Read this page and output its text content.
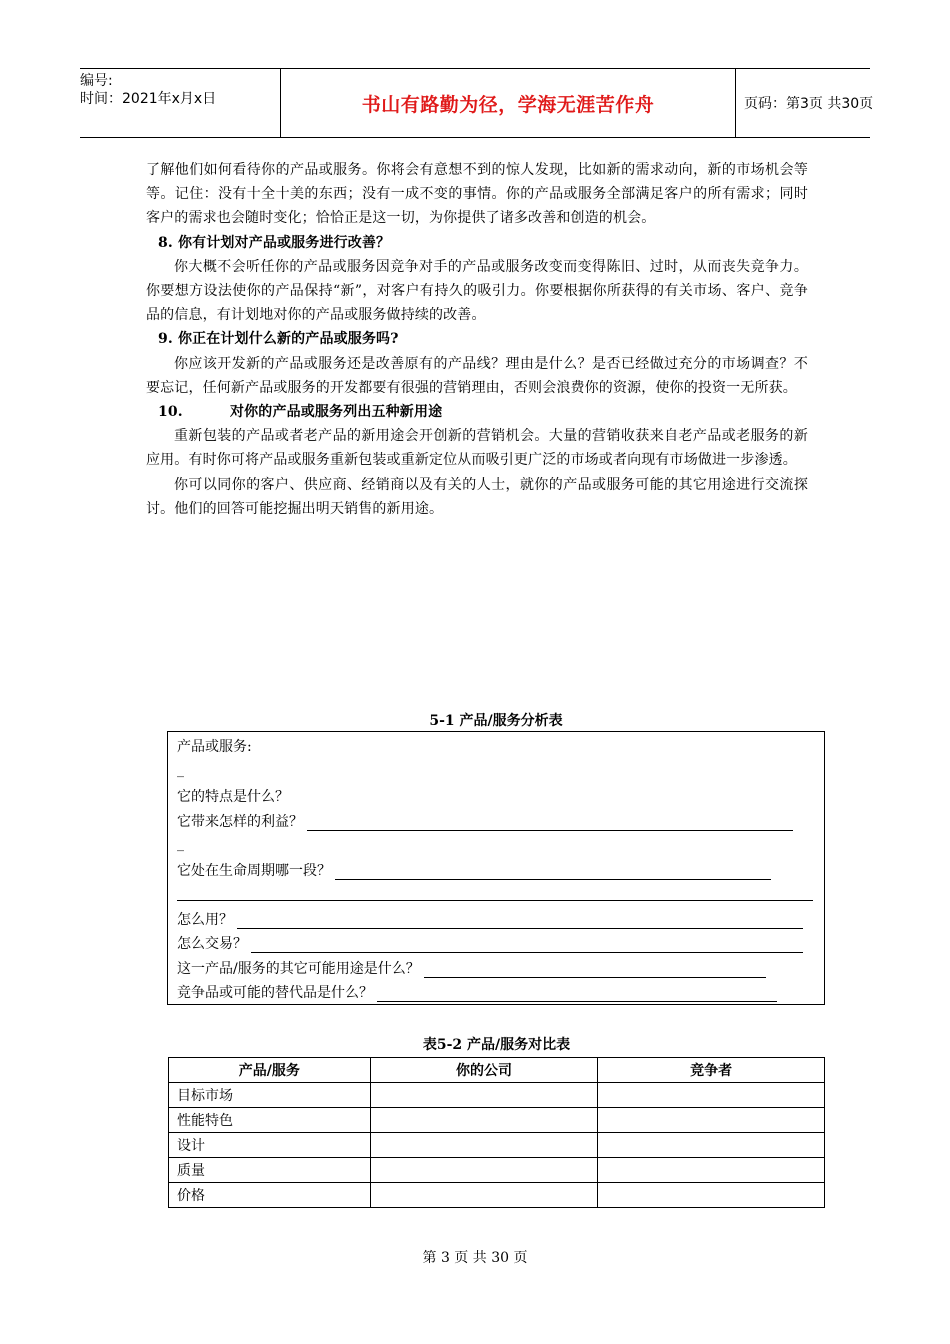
编号:
时间：2021年x月x日	书山有路勤为径，学海无涯苦作舟	页码：第3页 共30页

了解他们如何看待你的产品或服务。你将会有意想不到的惊人发现，比如新的需求动向，新的市场机会等等。记住：没有十全十美的东西；没有一成不变的事情。你的产品或服务全部满足客户的所有需求；同时客户的需求也会随时变化；恰恰正是这一切，为你提供了诸多改善和创造的机会。

8. 你有计划对产品或服务进行改善？

你大概不会听任你的产品或服务因竞争对手的产品或服务改变而变得陈旧、过时，从而丧失竞争力。你要想方设法使你的产品保持“新”，对客户有持久的吸引力。你要根据你所获得的有关市场、客户、竞争品的信息，有计划地对你的产品或服务做持续的改善。

9. 你正在计划什么新的产品或服务吗?

你应该开发新的产品或服务还是改善原有的产品线？理由是什么？是否已经做过充分的市场调查？不要忘记，任何新产品或服务的开发都要有很强的营销理由，否则会浪费你的资源，使你的投资一无所获。

10.	对你的产品或服务列出五种新用途

重新包装的产品或者老产品的新用途会开创新的营销机会。大量的营销收获来自老产品或老服务的新应用。有时你可将产品或服务重新包装或重新定位从而吸引更广泛的市场或者向现有市场做进一步渗透。

你可以同你的客户、供应商、经销商以及有关的人士，就你的产品或服务可能的其它用途进行交流探讨。他们的回答可能挖掘出明天销售的新用途。

5-1 产品/服务分析表
产品或服务:
_
它的特点是什么？
它带来怎样的利益？
_
它处在生命周期哪一段？
怎么用？
怎么交易？
这一产品/服务的其它可能用途是什么？
竞争品或可能的替代品是什么？
表5-2 产品/服务对比表
产品/服务	你的公司	竞争者
目标市场		
性能特色		
设计		
质量		
价格		
第 3 页 共 30 页
